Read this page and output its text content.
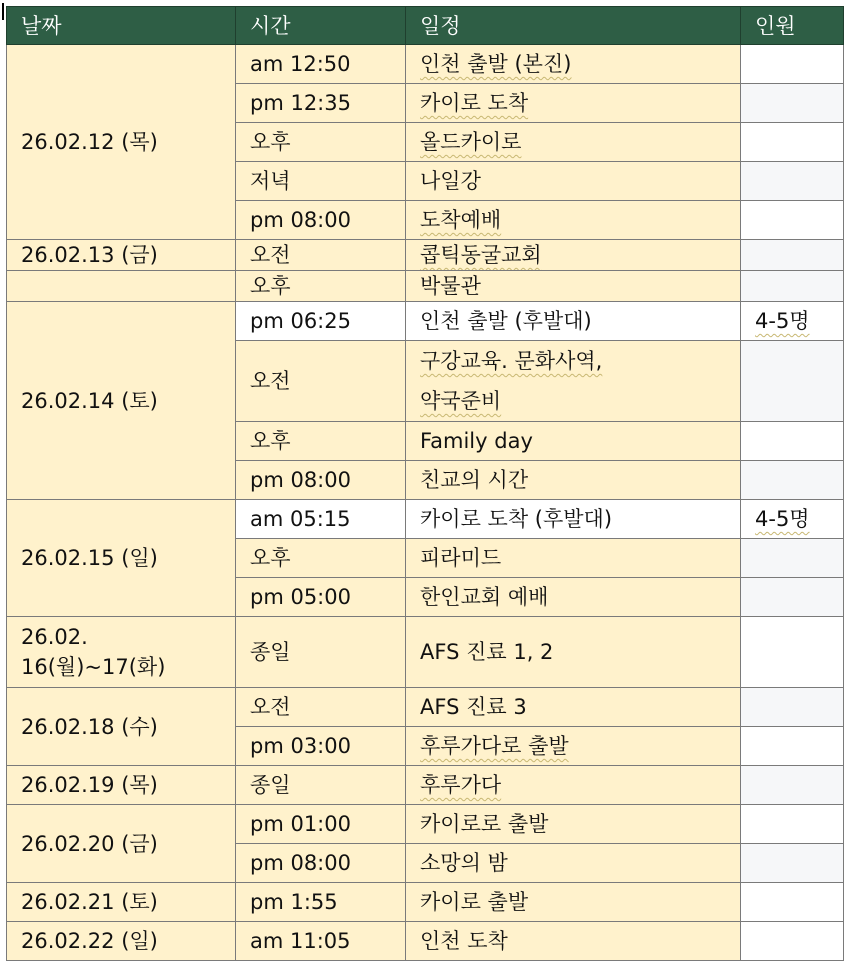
날짜	시간	일정	인원
26.02.12 (목)	am 12:50	인천 출발 (본진)	
	pm 12:35	카이로 도착	
	오후	올드카이로	
	저녁	나일강	
	pm 08:00	도착예배	
26.02.13 (금)	오전	콥틱동굴교회	
	오후	박물관	
26.02.14 (토)	pm 06:25	인천 출발 (후발대)	4-5명
	오전	구강교육. 문화사역,
약국준비	
	오후	Family day	
	pm 08:00	친교의 시간	
26.02.15 (일)	am 05:15	카이로 도착 (후발대)	4-5명
	오후	피라미드	
	pm 05:00	한인교회 예배	
26.02.
16(월)~17(화)	종일	AFS 진료 1, 2	
26.02.18 (수)	오전	AFS 진료 3	
	pm 03:00	후루가다로 출발	
26.02.19 (목)	종일	후루가다	
26.02.20 (금)	pm 01:00	카이로로 출발	
	pm 08:00	소망의 밤	
26.02.21 (토)	pm 1:55	카이로 출발	
26.02.22 (일)	am 11:05	인천 도착	
